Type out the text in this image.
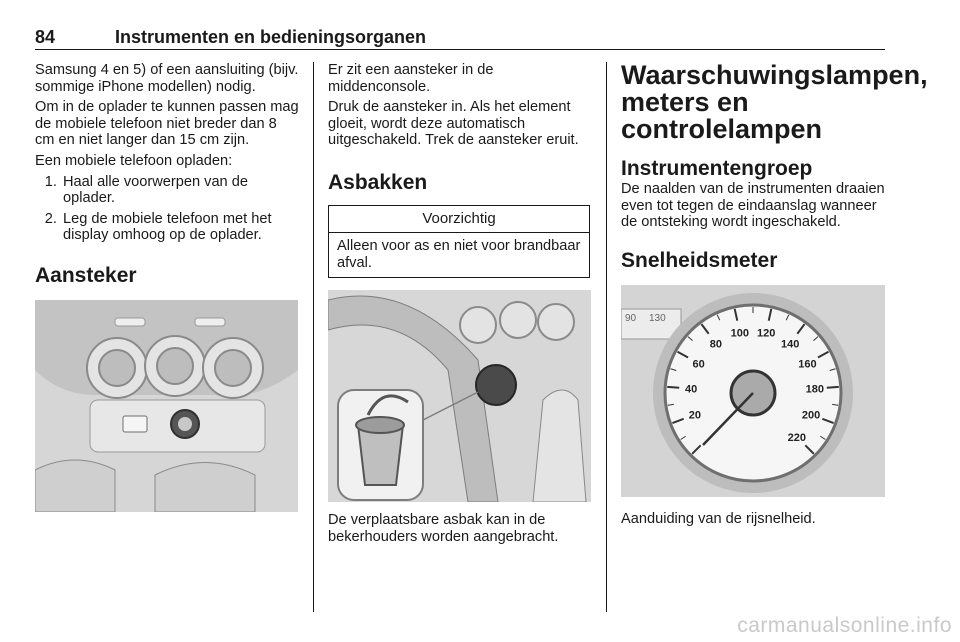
84	Instrumenten en bedieningsorganen

Samsung 4 en 5) of een aansluiting (bijv. sommige iPhone modellen) nodig.

Om in de oplader te kunnen passen mag de mobiele telefoon niet breder dan 8 cm en niet langer dan 15 cm zijn.

Een mobiele telefoon opladen:

1. Haal alle voorwerpen van de oplader.
2. Leg de mobiele telefoon met het display omhoog op de oplader.
Aansteker

Er zit een aansteker in de middenconsole.

Druk de aansteker in. Als het element gloeit, wordt deze automatisch uitgeschakeld. Trek de aansteker eruit.

Asbakken
Voorzichtig
Alleen voor as en niet voor brandbaar afval.

De verplaatsbare asbak kan in de bekerhouders worden aangebracht.

Waarschuwingslampen, meters en controlelampen
Instrumentengroep

De naalden van de instrumenten draaien even tot tegen de eindaanslag wanneer de ontsteking wordt ingeschakeld.

Snelheidsmeter
90 130
20
40
60
80
100 120
140
160
180
200
220

Aanduiding van de rijsnelheid.

carmanualsonline.info
